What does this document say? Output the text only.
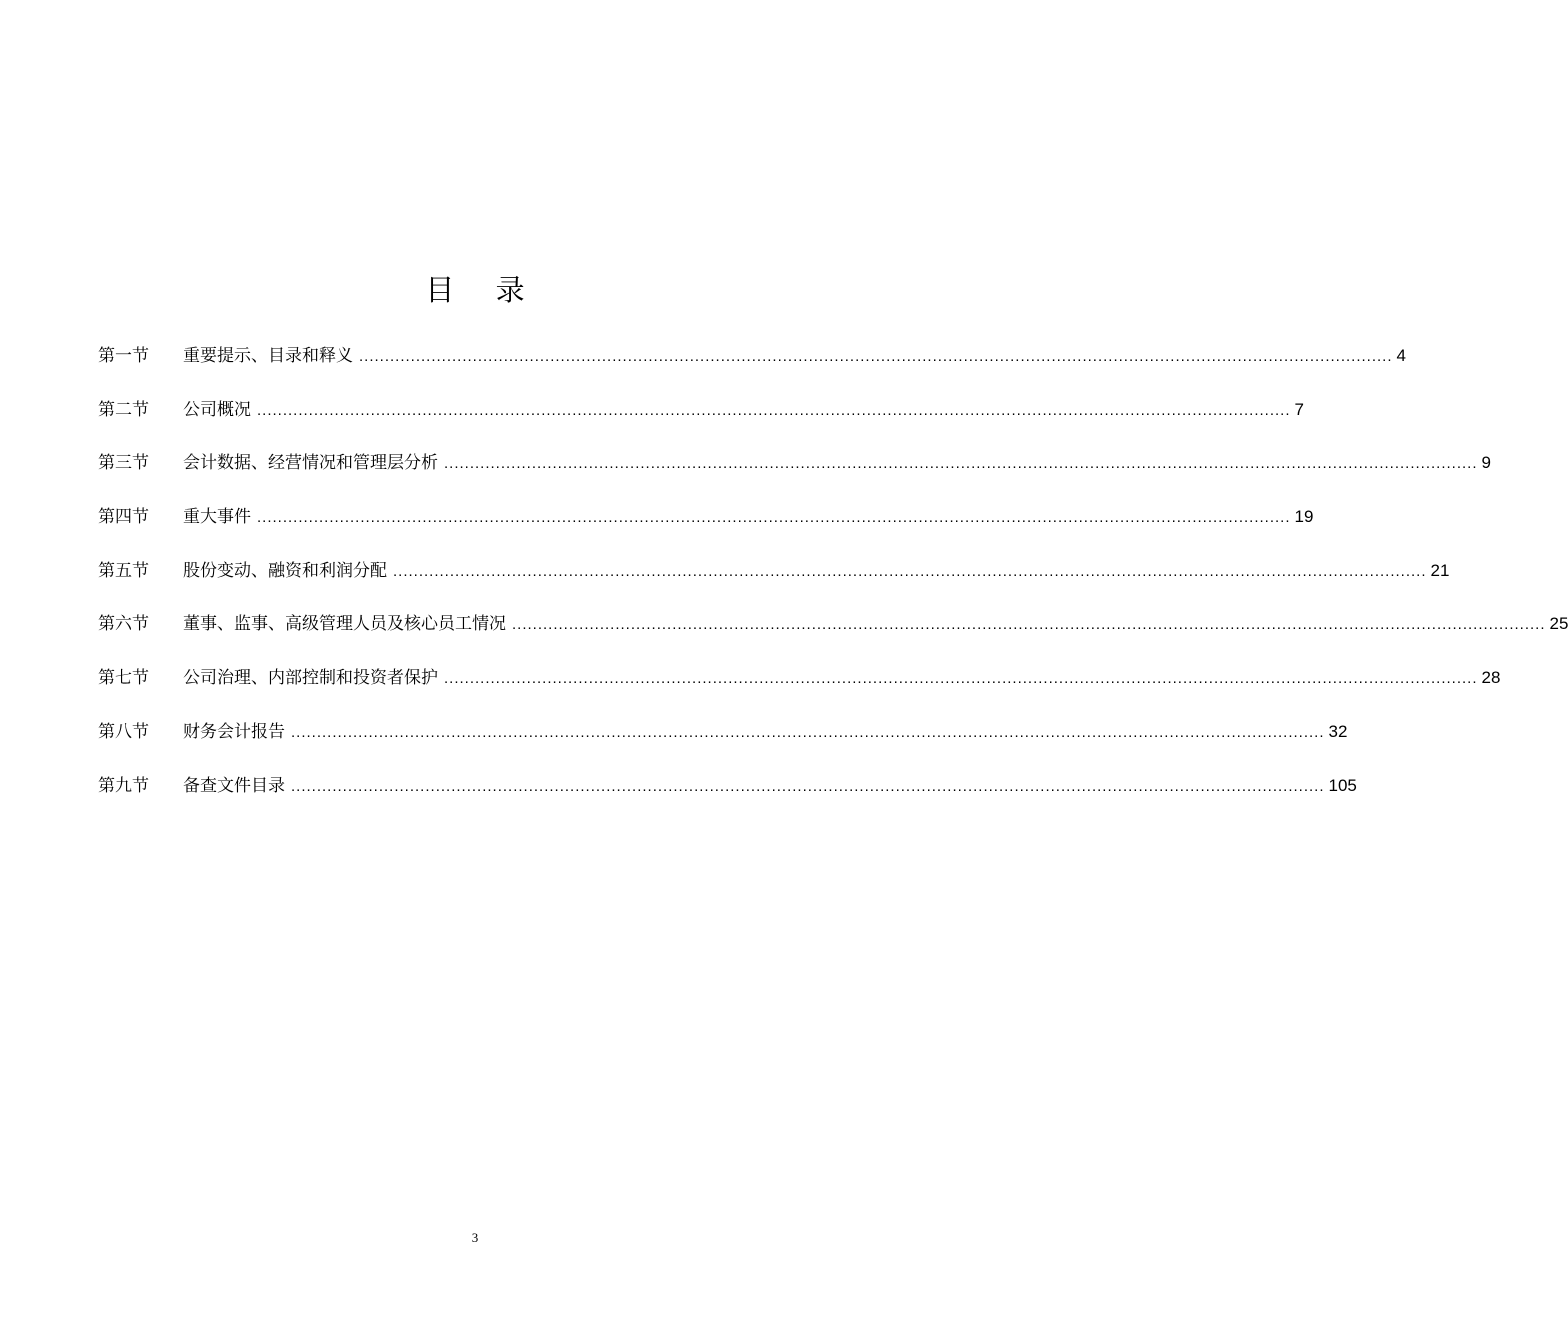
目 录
第一节	重要提示、目录和释义 ........................................................................................................................................................................................................ 4
第二节	公司概况 ........................................................................................................................................................................................................ 7
第三节	会计数据、经营情况和管理层分析 ........................................................................................................................................................................................................ 9
第四节	重大事件 ........................................................................................................................................................................................................ 19
第五节	股份变动、融资和利润分配 ........................................................................................................................................................................................................ 21
第六节	董事、监事、高级管理人员及核心员工情况 ........................................................................................................................................................................................................ 25
第七节	公司治理、内部控制和投资者保护 ........................................................................................................................................................................................................ 28
第八节	财务会计报告 ........................................................................................................................................................................................................ 32
第九节	备查文件目录 ........................................................................................................................................................................................................ 105
3
